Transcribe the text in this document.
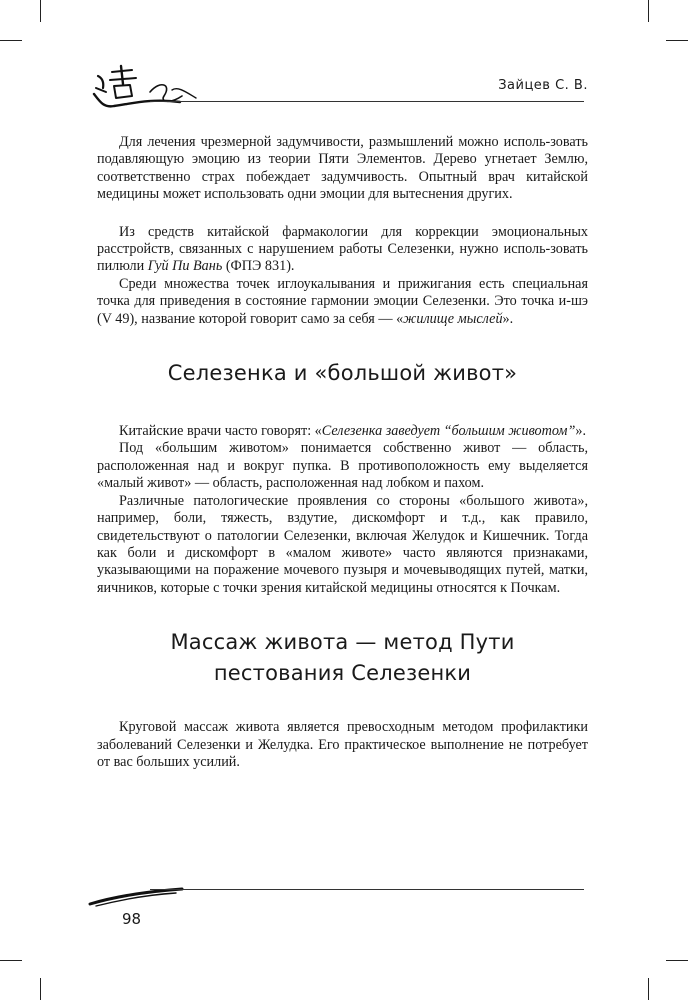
Зайцев С. В.

Для лечения чрезмерной задумчивости, размышлений можно исполь-зовать подавляющую эмоцию из теории Пяти Элементов. Дерево угнетает Землю, соответственно страх побеждает задумчивость. Опытный врач китайской медицины может использовать одни эмоции для вытеснения других.

Из средств китайской фармакологии для коррекции эмоциональных расстройств, связанных с нарушением работы Селезенки, нужно исполь-зовать пилюли Гуй Пи Вань (ФПЭ 831).

Среди множества точек иглоукалывания и прижигания есть специальная точка для приведения в состояние гармонии эмоции Селезенки. Это точка и-шэ (V 49), название которой говорит само за себя — «жилище мыслей».

Селезенка и «большой живот»

Китайские врачи часто говорят: «Селезенка заведует “большим животом”».

Под «большим животом» понимается собственно живот — область, расположенная над и вокруг пупка. В противоположность ему выделяется «малый живот» — область, расположенная над лобком и пахом.

Различные патологические проявления со стороны «большого живота», например, боли, тяжесть, вздутие, дискомфорт и т.д., как правило, свидетельствуют о патологии Селезенки, включая Желудок и Кишечник. Тогда как боли и дискомфорт в «малом животе» часто являются признаками, указывающими на поражение мочевого пузыря и мочевыводящих путей, матки, яичников, которые с точки зрения китайской медицины относятся к Почкам.

Массаж живота — метод Пути
пестования Селезенки

Круговой массаж живота является превосходным методом профилактики заболеваний Селезенки и Желудка. Его практическое выполнение не потребует от вас больших усилий.

98
